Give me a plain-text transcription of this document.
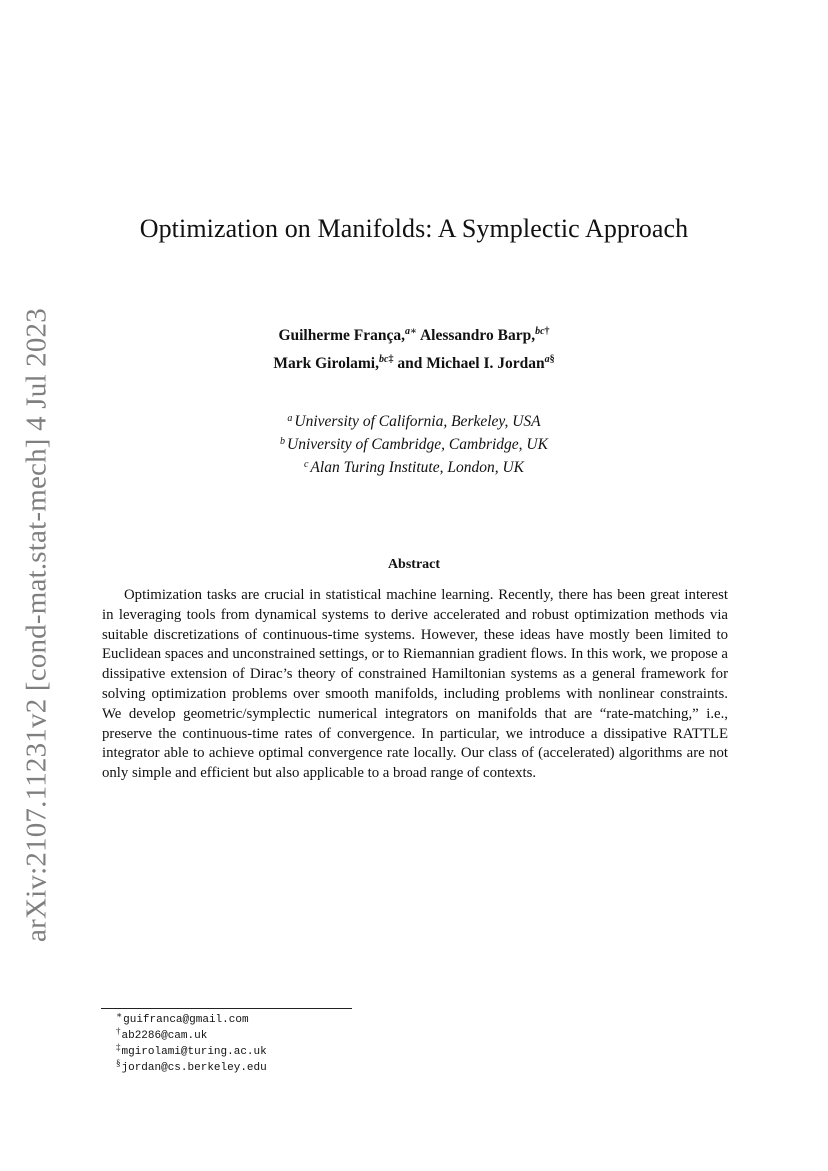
arXiv:2107.11231v2 [cond-mat.stat-mech] 4 Jul 2023
Optimization on Manifolds: A Symplectic Approach
Guilherme França,$^{a∗}$ Alessandro Barp,$^{bc\dagger}$
Mark Girolami,$^{bc\ddagger}$ and Michael I. Jordan$^{a\S}$
$^a$ University of California, Berkeley, USA
$^b$ University of Cambridge, Cambridge, UK
$^c$ Alan Turing Institute, London, UK
Abstract
Optimization tasks are crucial in statistical machine learning. Recently, there has been great interest in leveraging tools from dynamical systems to derive accelerated and robust optimization methods via suitable discretizations of continuous-time systems. However, these ideas have mostly been limited to Euclidean spaces and unconstrained settings, or to Riemannian gradient flows. In this work, we propose a dissipative extension of Dirac’s theory of constrained Hamiltonian systems as a general framework for solving optimization problems over smooth manifolds, including problems with nonlinear constraints. We develop geometric/symplectic numerical integrators on manifolds that are “rate-matching,” i.e., preserve the continuous-time rates of convergence. In particular, we introduce a dissipative RATTLE integrator able to achieve optimal convergence rate locally. Our class of (accelerated) algorithms are not only simple and efficient but also applicable to a broad range of contexts.
∗guifranca@gmail.com
†ab2286@cam.uk
‡mgirolami@turing.ac.uk
§jordan@cs.berkeley.edu
